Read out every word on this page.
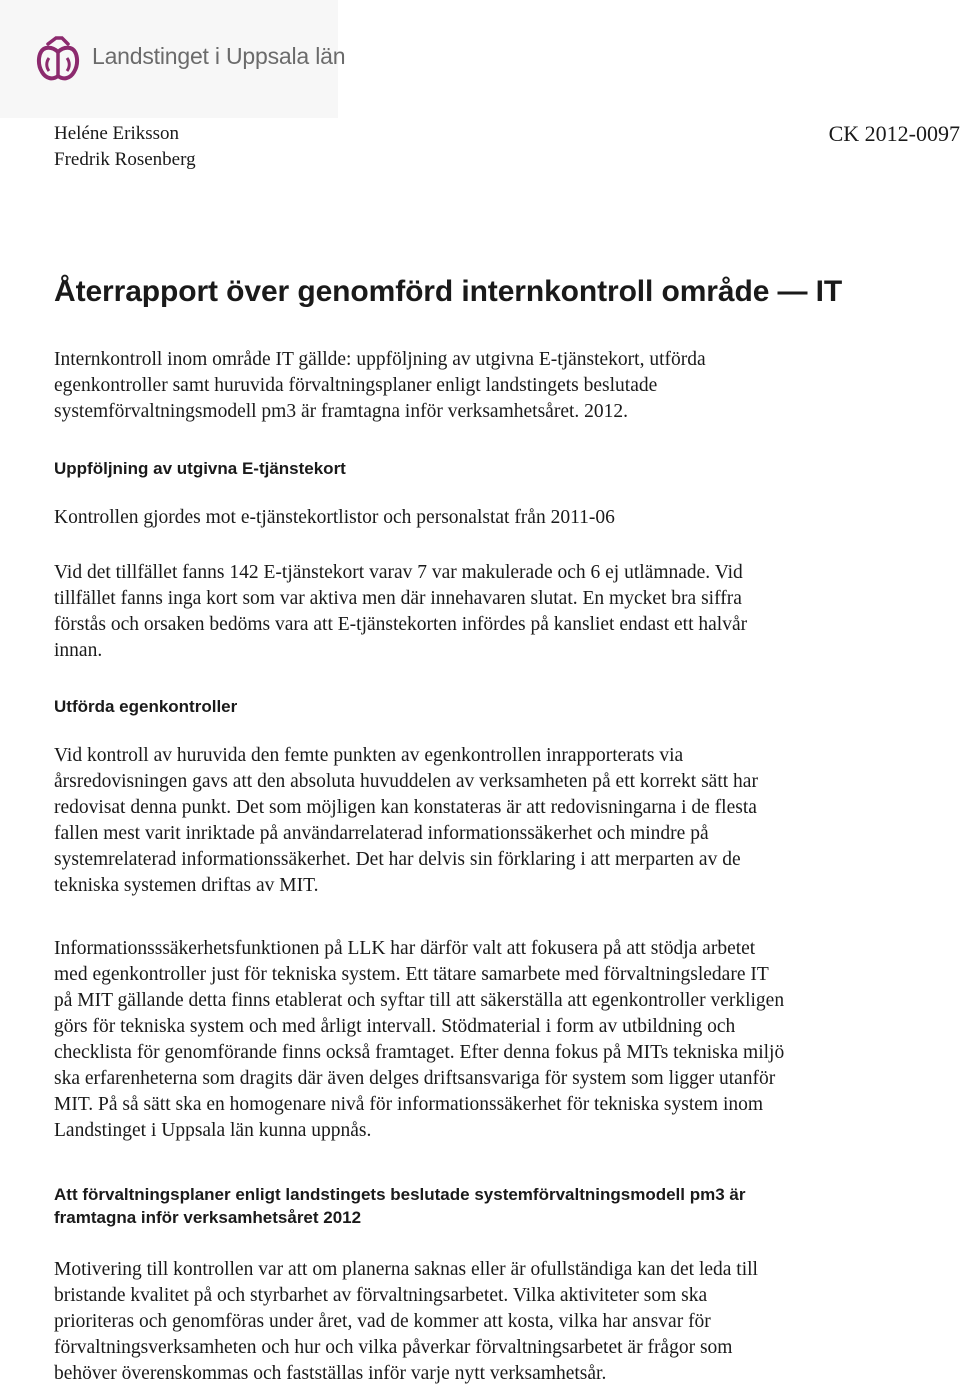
Landstinget i Uppsala län
Heléne Eriksson
Fredrik Rosenberg
CK 2012-0097
Återrapport över genomförd internkontroll område — IT

Internkontroll inom område IT gällde: uppföljning av utgivna E-tjänstekort, utförda
egenkontroller samt huruvida förvaltningsplaner enligt landstingets beslutade
systemförvaltningsmodell pm3 är framtagna inför verksamhetsåret. 2012.

Uppföljning av utgivna E-tjänstekort

Kontrollen gjordes mot e-tjänstekortlistor och personalstat från 2011-06

Vid det tillfället fanns 142 E-tjänstekort varav 7 var makulerade och 6 ej utlämnade. Vid
tillfället fanns inga kort som var aktiva men där innehavaren slutat. En mycket bra siffra
förstås och orsaken bedöms vara att E-tjänstekorten infördes på kansliet endast ett halvår
innan.

Utförda egenkontroller

Vid kontroll av huruvida den femte punkten av egenkontrollen inrapporterats via
årsredovisningen gavs att den absoluta huvuddelen av verksamheten på ett korrekt sätt har
redovisat denna punkt. Det som möjligen kan konstateras är att redovisningarna i de flesta
fallen mest varit inriktade på användarrelaterad informationssäkerhet och mindre på
systemrelaterad informationssäkerhet. Det har delvis sin förklaring i att merparten av de
tekniska systemen driftas av MIT.

Informationsssäkerhetsfunktionen på LLK har därför valt att fokusera på att stödja arbetet
med egenkontroller just för tekniska system. Ett tätare samarbete med förvaltningsledare IT
på MIT gällande detta finns etablerat och syftar till att säkerställa att egenkontroller verkligen
görs för tekniska system och med årligt intervall. Stödmaterial i form av utbildning och
checklista för genomförande finns också framtaget. Efter denna fokus på MITs tekniska miljö
ska erfarenheterna som dragits där även delges driftsansvariga för system som ligger utanför
MIT. På så sätt ska en homogenare nivå för informationssäkerhet för tekniska system inom
Landstinget i Uppsala län kunna uppnås.

Att förvaltningsplaner enligt landstingets beslutade systemförvaltningsmodell pm3 är
framtagna inför verksamhetsåret 2012

Motivering till kontrollen var att om planerna saknas eller är ofullständiga kan det leda till
bristande kvalitet på och styrbarhet av förvaltningsarbetet. Vilka aktiviteter som ska
prioriteras och genomföras under året, vad de kommer att kosta, vilka har ansvar för
förvaltningsverksamheten och hur och vilka påverkar förvaltningsarbetet är frågor som
behöver överenskommas och fastställas inför varje nytt verksamhetsår.
